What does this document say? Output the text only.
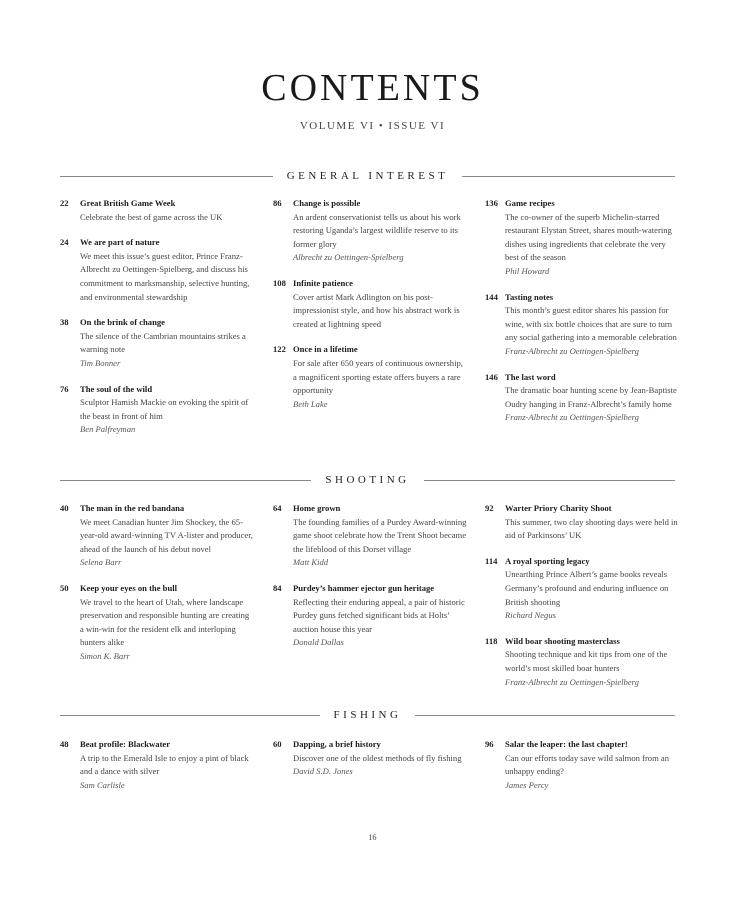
CONTENTS
VOLUME VI • ISSUE VI
GENERAL INTEREST
22 Great British Game Week
Celebrate the best of game across the UK
24 We are part of nature
We meet this issue’s guest editor, Prince Franz-Albrecht zu Oettingen-Spielberg, and discuss his commitment to marksmanship, selective hunting, and environmental stewardship
38 On the brink of change
The silence of the Cambrian mountains strikes a warning note
Tim Bonner
76 The soul of the wild
Sculptor Hamish Mackie on evoking the spirit of the beast in front of him
Ben Palfreyman
86 Change is possible
An ardent conservationist tells us about his work restoring Uganda’s largest wildlife reserve to its former glory
Albrecht zu Oettingen-Spielberg
108 Infinite patience
Cover artist Mark Adlington on his post-impressionist style, and how his abstract work is created at lightning speed
122 Once in a lifetime
For sale after 650 years of continuous ownership, a magnificent sporting estate offers buyers a rare opportunity
Beth Lake
136 Game recipes
The co-owner of the superb Michelin-starred restaurant Elystan Street, shares mouth-watering dishes using ingredients that celebrate the very best of the season
Phil Howard
144 Tasting notes
This month’s guest editor shares his passion for wine, with six bottle choices that are sure to turn any social gathering into a memorable celebration
Franz-Albrecht zu Oettingen-Spielberg
146 The last word
The dramatic boar hunting scene by Jean-Baptiste Oudry hanging in Franz-Albrecht’s family home
Franz-Albrecht zu Oettingen-Spielberg
SHOOTING
40 The man in the red bandana
We meet Canadian hunter Jim Shockey, the 65-year-old award-winning TV A-lister and producer, ahead of the launch of his debut novel
Selena Barr
50 Keep your eyes on the bull
We travel to the heart of Utah, where landscape preservation and responsible hunting are creating a win-win for the resident elk and interloping hunters alike
Simon K. Barr
64 Home grown
The founding families of a Purdey Award-winning game shoot celebrate how the Trent Shoot became the lifeblood of this Dorset village
Matt Kidd
84 Purdey’s hammer ejector gun heritage
Reflecting their enduring appeal, a pair of historic Purdey guns fetched significant bids at Holts’ auction house this year
Donald Dallas
92 Warter Priory Charity Shoot
This summer, two clay shooting days were held in aid of Parkinsons’ UK
114 A royal sporting legacy
Unearthing Prince Albert’s game books reveals Germany’s profound and enduring influence on British shooting
Richard Negus
118 Wild boar shooting masterclass
Shooting technique and kit tips from one of the world’s most skilled boar hunters
Franz-Albrecht zu Oettingen-Spielberg
FISHING
48 Beat profile: Blackwater
A trip to the Emerald Isle to enjoy a pint of black and a dance with silver
Sam Carlisle
60 Dapping, a brief history
Discover one of the oldest methods of fly fishing
David S.D. Jones
96 Salar the leaper: the last chapter!
Can our efforts today save wild salmon from an unhappy ending?
James Percy
16
